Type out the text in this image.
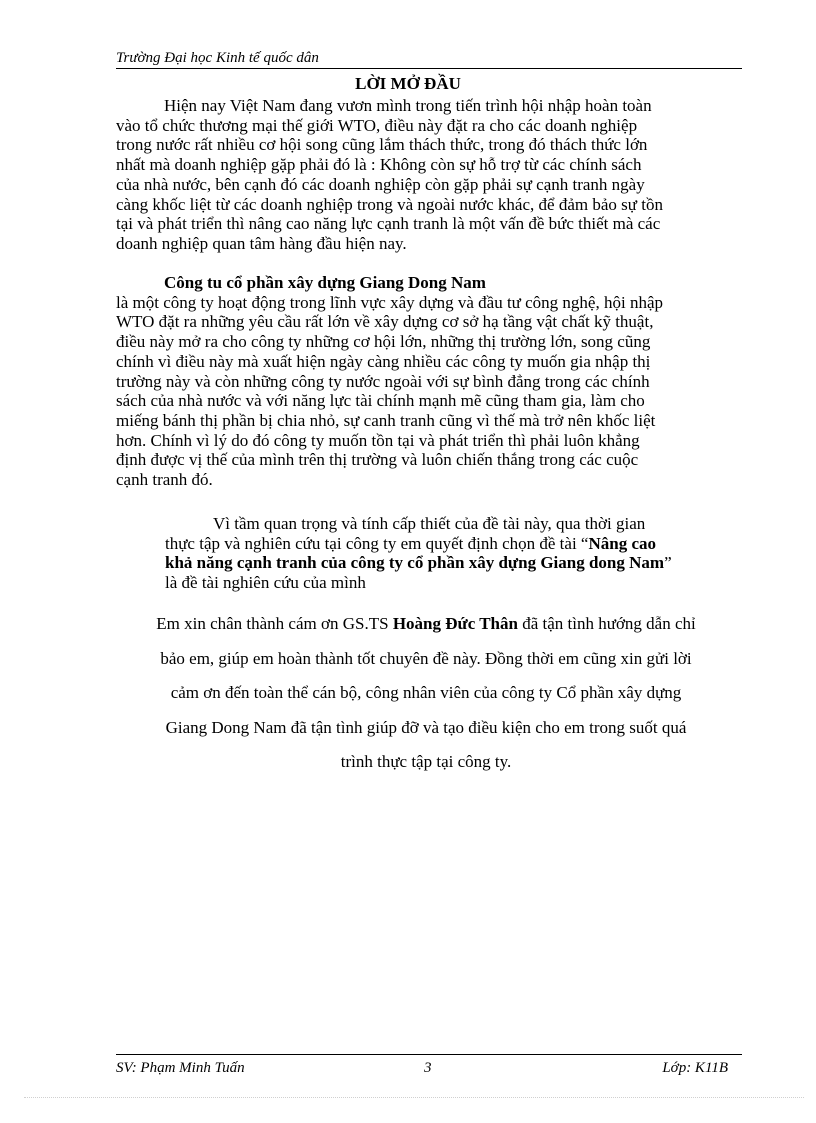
Trường Đại học Kinh tế quốc dân
LỜI MỞ ĐẦU
Hiện nay Việt Nam đang vươn mình trong tiến trình hội nhập hoàn toàn
vào tổ chức thương mại thế giới WTO, điều này đặt ra cho các doanh nghiệp
trong nước rất nhiều cơ hội song cũng lắm thách thức, trong đó thách thức lớn
nhất mà doanh nghiệp gặp phải đó là : Không còn sự hỗ trợ từ các chính sách
của nhà nước, bên cạnh đó các doanh nghiệp còn gặp phải sự cạnh tranh ngày
càng khốc liệt từ các doanh nghiệp trong và ngoài nước khác, để đảm bảo sự tồn
tại và phát triển thì nâng cao năng lực cạnh tranh là một vấn đề bức thiết mà các
doanh nghiệp quan tâm hàng đầu hiện nay.
Công tu cổ phần xây dựng Giang Dong Nam
là một công ty hoạt động trong lĩnh vực xây dựng và đầu tư công nghệ, hội nhập
WTO đặt ra những yêu cầu rất lớn về xây dựng cơ sở hạ tầng vật chất kỹ thuật,
điều này mở ra cho công ty những cơ hội lớn, những thị trường lớn, song cũng
chính vì điều này mà xuất hiện ngày càng nhiều các công ty muốn gia nhập thị
trường này và còn những công ty nước ngoài với sự bình đẳng trong các chính
sách của nhà nước và với năng lực tài chính mạnh mẽ cũng tham gia, làm cho
miếng bánh thị phần bị chia nhỏ, sự canh tranh cũng vì thế mà trở nên khốc liệt
hơn. Chính vì lý do đó công ty muốn tồn tại và phát triển thì phải luôn khẳng
định được vị thế của mình trên thị trường và luôn chiến thắng trong các cuộc
cạnh tranh đó.
Vì tầm quan trọng và tính cấp thiết của đề tài này, qua thời gian
thực tập và nghiên cứu tại công ty em quyết định chọn đề tài “Nâng cao
khả năng cạnh tranh của công ty cổ phần xây dựng Giang dong Nam”
là đề tài nghiên cứu của mình
Em xin chân thành cám ơn GS.TS Hoàng Đức Thân đã tận tình hướng dẫn chỉ
bảo em, giúp em hoàn thành tốt chuyên đề này. Đồng thời em cũng xin gửi lời
cảm ơn đến toàn thể cán bộ, công nhân viên của công ty Cổ phần xây dựng
Giang Dong Nam đã tận tình giúp đỡ và tạo điều kiện cho em trong suốt quá
trình thực tập tại công ty.
SV: Phạm Minh Tuấn	3	Lớp: K11B
